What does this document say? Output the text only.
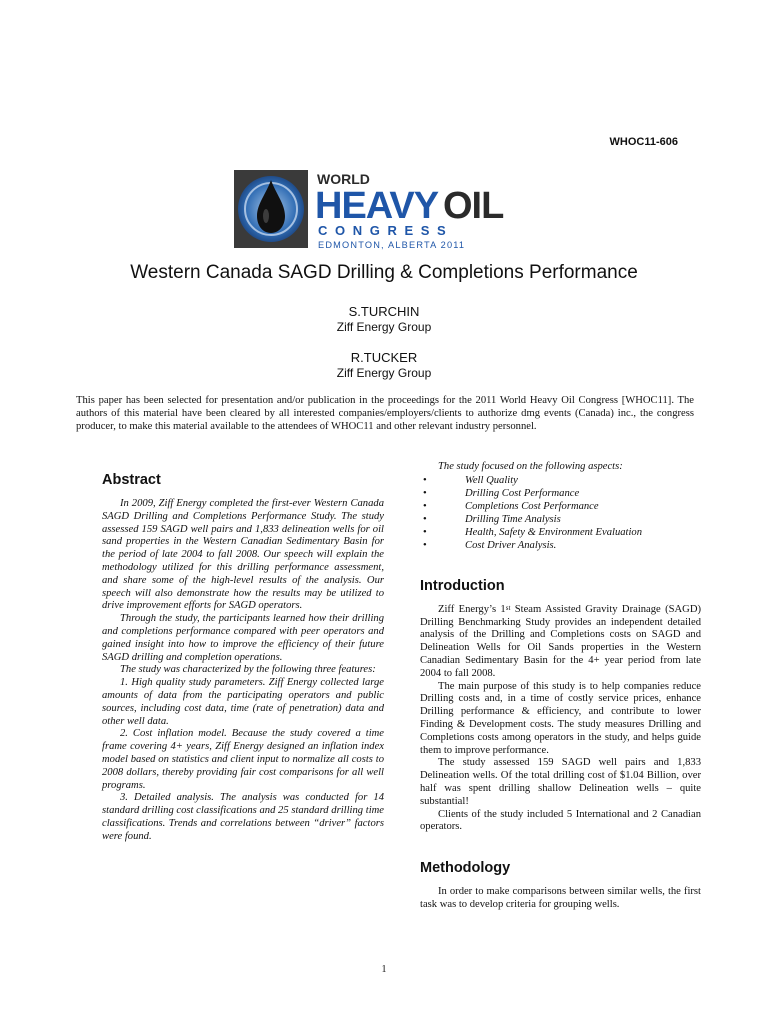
WHOC11-606
WORLD
HEAVY OIL
C O N G R E S S
EDMONTON, ALBERTA 2011
Western Canada SAGD Drilling & Completions Performance
S.TURCHIN
Ziff Energy Group
R.TUCKER
Ziff Energy Group
This paper has been selected for presentation and/or publication in the proceedings for the 2011 World Heavy Oil Congress [WHOC11]. The authors of this material have been cleared by all interested companies/employers/clients to authorize dmg events (Canada) inc., the congress producer, to make this material available to the attendees of WHOC11 and other relevant industry personnel.
Abstract

In 2009, Ziff Energy completed the first-ever Western Canada SAGD Drilling and Completions Performance Study. The study assessed 159 SAGD well pairs and 1,833 delineation wells for oil sand properties in the Western Canadian Sedimentary Basin for the period of late 2004 to fall 2008. Our speech will explain the methodology utilized for this drilling performance assessment, and share some of the high-level results of the analysis. Our speech will also demonstrate how the results may be utilized to drive improvement efforts for SAGD operators.

Through the study, the participants learned how their drilling and completions performance compared with peer operators and gained insight into how to improve the efficiency of their future SAGD drilling and completion operations.

The study was characterized by the following three features:

1. High quality study parameters. Ziff Energy collected large amounts of data from the participating operators and public sources, including cost data, time (rate of penetration) data and other well data.

2. Cost inflation model. Because the study covered a time frame covering 4+ years, Ziff Energy designed an inflation index model based on statistics and client input to normalize all costs to 2008 dollars, thereby providing fair cost comparisons for all well programs.

3. Detailed analysis. The analysis was conducted for 14 standard drilling cost classifications and 25 standard drilling time classifications. Trends and correlations between “driver” factors were found.

The study focused on the following aspects:

•	Well Quality
•	Drilling Cost Performance
•	Completions Cost Performance
•	Drilling Time Analysis
•	Health, Safety & Environment Evaluation
•	Cost Driver Analysis.
Introduction

Ziff Energy’s 1st Steam Assisted Gravity Drainage (SAGD) Drilling Benchmarking Study provides an independent detailed analysis of the Drilling and Completions costs on SAGD and Delineation Wells for Oil Sands properties in the Western Canadian Sedimentary Basin for the 4+ year period from late 2004 to fall 2008.

The main purpose of this study is to help companies reduce Drilling costs and, in a time of costly service prices, enhance Drilling performance & efficiency, and contribute to lower Finding & Development costs. The study measures Drilling and Completions costs among operators in the study, and helps guide them to improve performance.

The study assessed 159 SAGD well pairs and 1,833 Delineation wells. Of the total drilling cost of $1.04 Billion, over half was spent drilling shallow Delineation wells – quite substantial!

Clients of the study included 5 International and 2 Canadian operators.

Methodology

In order to make comparisons between similar wells, the first task was to develop criteria for grouping wells.

1
